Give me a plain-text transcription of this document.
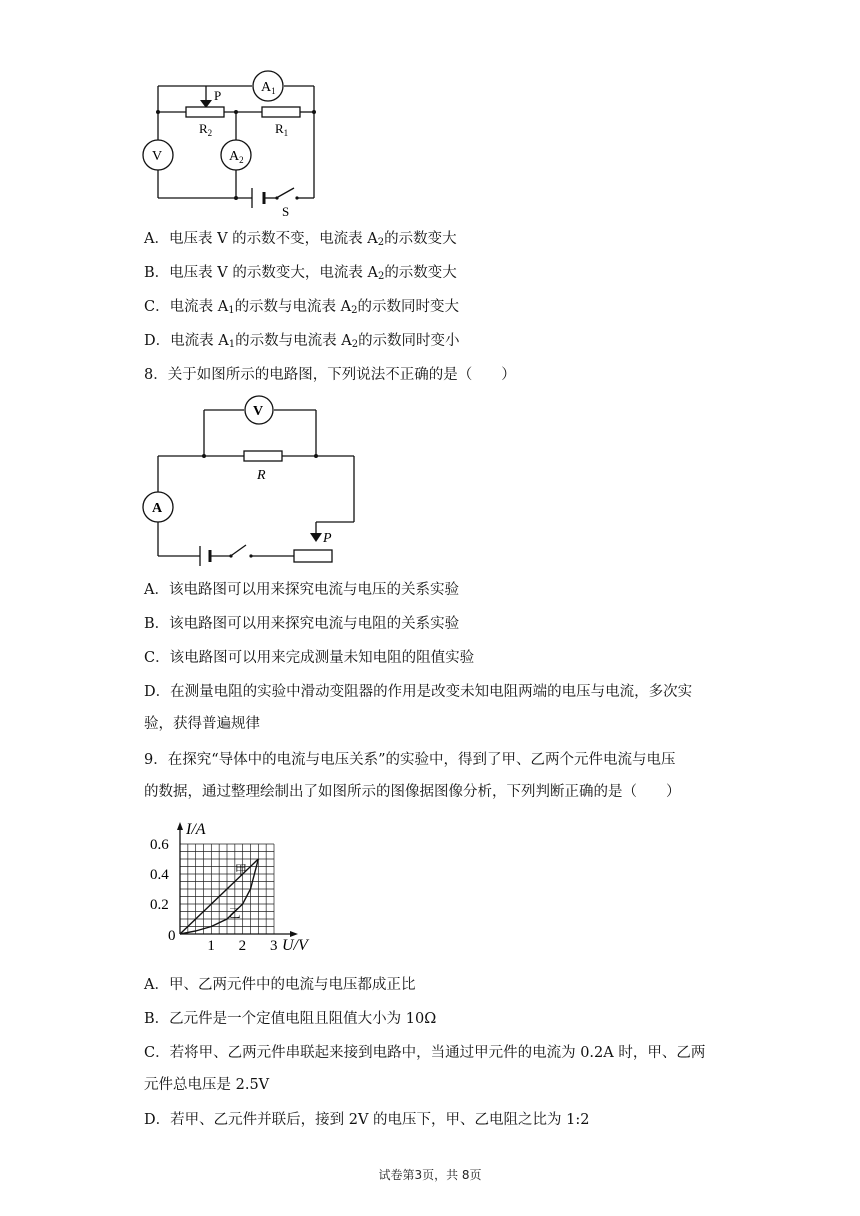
$A_1$
V	$A_2$
P
$R_2$	$R_1$
S
A．电压表 V 的示数不变，电流表 $A_2$的示数变大
B．电压表 V 的示数变大，电流表 $A_2$的示数变大
C．电流表 $A_1$的示数与电流表 $A_2$的示数同时变大
D．电流表 $A_1$的示数与电流表 $A_2$的示数同时变小
8．关于如图所示的电路图，下列说法不正确的是（　　）
V
A
R
P
A．该电路图可以用来探究电流与电压的关系实验
B．该电路图可以用来探究电流与电阻的关系实验
C．该电路图可以用来完成测量未知电阻的阻值实验
D．在测量电阻的实验中滑动变阻器的作用是改变未知电阻两端的电压与电流，多次实
验，获得普遍规律
9．在探究“导体中的电流与电压关系”的实验中，得到了甲、乙两个元件电流与电压
的数据，通过整理绘制出了如图所示的图像据图像分析，下列判断正确的是（　　）
1 2 3
0.2
0.4
0.6
0
I/A
U/V
甲
乙
A．甲、乙两元件中的电流与电压都成正比
B．乙元件是一个定值电阻且阻值大小为 10Ω
C．若将甲、乙两元件串联起来接到电路中，当通过甲元件的电流为 0.2A 时，甲、乙两
元件总电压是 2.5V
D．若甲、乙元件并联后，接到 2V 的电压下，甲、乙电阻之比为 1:2
试卷第3页，共 8页
